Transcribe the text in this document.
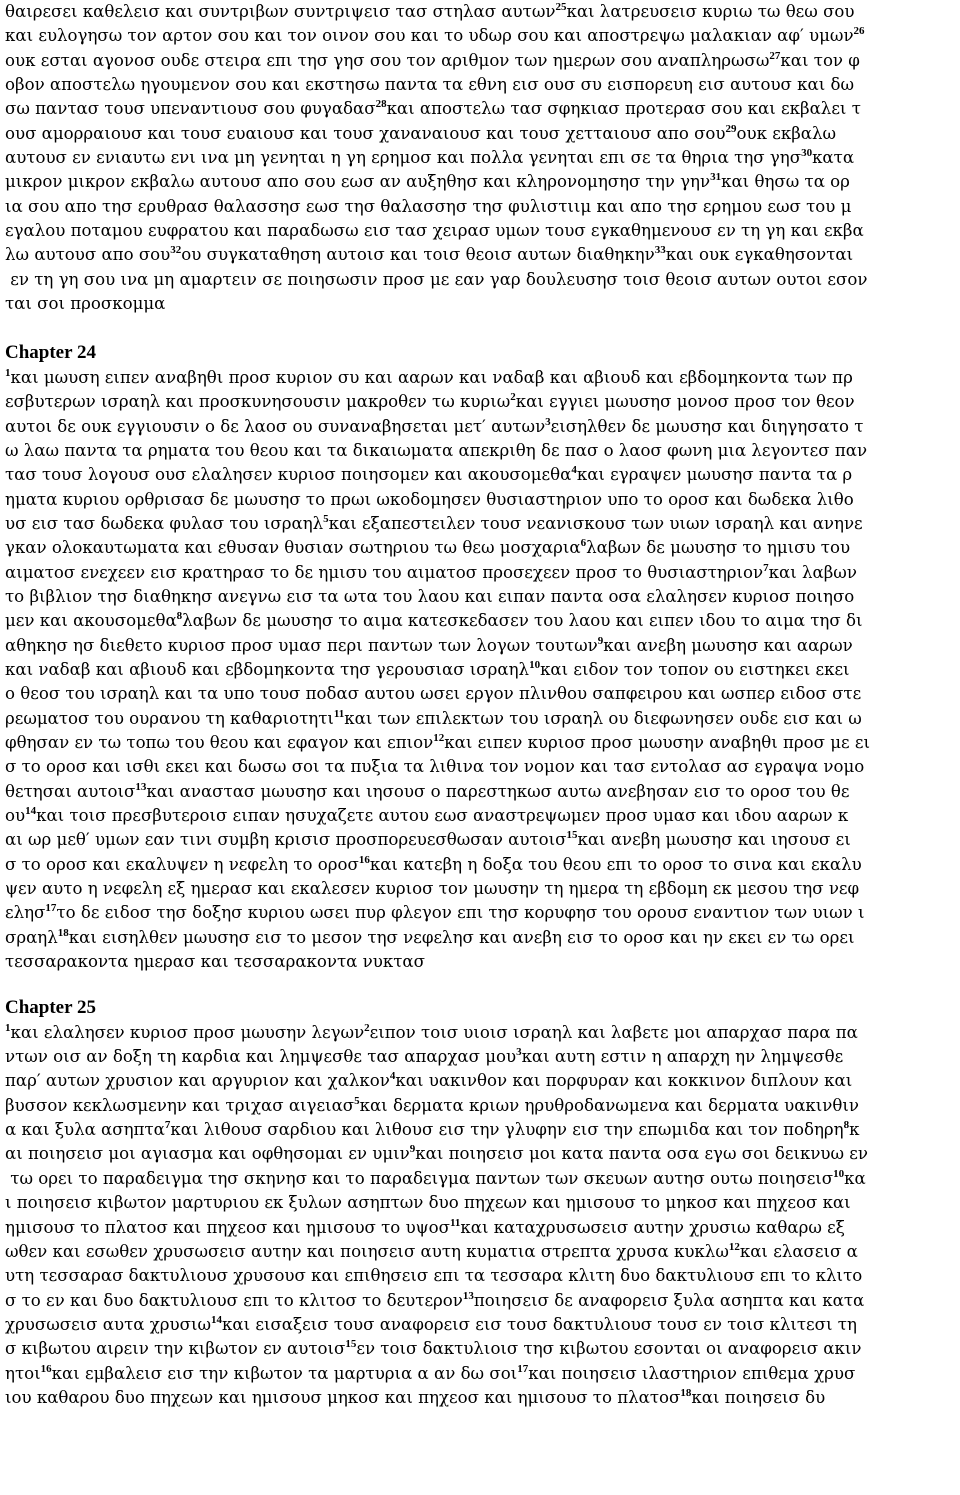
θαιρεσει καθελεισ και συντριβων συντριψεισ τασ στηλασ αυτων$^{25}$και λατρευσεισ κυριω τω θεω σου
και ευλογησω τον αρτον σου και τον οινον σου και το υδωρ σου και αποστρεψω μαλακιαν αφ′ υμων$^{26}$
ουκ εσται αγονοσ ουδε στειρα επι τησ γησ σου τον αριθμον των ημερων σου αναπληρωσω$^{27}$και τον φ
οβον αποστελω ηγουμενον σου και εκστησω παντα τα εθνη εισ ουσ συ εισπορευη εισ αυτουσ και δω
σω παντασ τουσ υπεναντιουσ σου φυγαδασ$^{28}$και αποστελω τασ σφηκιασ προτερασ σου και εκβαλει τ
ουσ αμορραιουσ και τουσ ευαιουσ και τουσ χαναναιουσ και τουσ χετταιουσ απο σου$^{29}$ουκ εκβαλω
αυτουσ εν ενιαυτω ενι ινα μη γενηται η γη ερημοσ και πολλα γενηται επι σε τα θηρια τησ γησ$^{30}$κατα
μικρον μικρον εκβαλω αυτουσ απο σου εωσ αν αυξηθησ και κληρονομησησ την γην$^{31}$και θησω τα ορ
ια σου απο τησ ερυθρασ θαλασσησ εωσ τησ θαλασσησ τησ φυλιστιιμ και απο τησ ερημου εωσ του μ
εγαλου ποταμου ευφρατου και παραδωσω εισ τασ χειρασ υμων τουσ εγκαθημενουσ εν τη γη και εκβα
λω αυτουσ απο σου$^{32}$ου συγκαταθηση αυτοισ και τοισ θεοισ αυτων διαθηκην$^{33}$και ουκ εγκαθησονται
εν τη γη σου ινα μη αμαρτειν σε ποιησωσιν προσ με εαν γαρ δουλευσησ τοισ θεοισ αυτων ουτοι εσον
ται σοι προσκομμα
Chapter 24
$^1$και μωυση ειπεν αναβηθι προσ κυριον συ και ααρων και ναδαβ και αβιουδ και εβδομηκοντα των πρ
εσβυτερων ισραηλ και προσκυνησουσιν μακροθεν τω κυριω$^2$και εγγιει μωυσησ μονοσ προσ τον θεον
αυτοι δε ουκ εγγιουσιν ο δε λαοσ ου συναναβησεται μετ′ αυτων$^3$εισηλθεν δε μωυσησ και διηγησατο τ
ω λαω παντα τα ρηματα του θεου και τα δικαιωματα απεκριθη δε πασ ο λαοσ φωνη μια λεγοντεσ παν
τασ τουσ λογουσ ουσ ελαλησεν κυριοσ ποιησομεν και ακουσομεθα$^4$και εγραψεν μωυσησ παντα τα ρ
ηματα κυριου ορθρισασ δε μωυσησ το πρωι ωκοδομησεν θυσιαστηριον υπο το οροσ και δωδεκα λιθο
υσ εισ τασ δωδεκα φυλασ του ισραηλ$^5$και εξαπεστειλεν τουσ νεανισκουσ των υιων ισραηλ και ανηνε
γκαν ολοκαυτωματα και εθυσαν θυσιαν σωτηριου τω θεω μοσχαρια$^6$λαβων δε μωυσησ το ημισυ του
αιματοσ ενεχεεν εισ κρατηρασ το δε ημισυ του αιματοσ προσεχεεν προσ το θυσιαστηριον$^7$και λαβων
το βιβλιον τησ διαθηκησ ανεγνω εισ τα ωτα του λαου και ειπαν παντα οσα ελαλησεν κυριοσ ποιησο
μεν και ακουσομεθα$^8$λαβων δε μωυσησ το αιμα κατεσκεδασεν του λαου και ειπεν ιδου το αιμα τησ δι
αθηκησ ησ διεθετο κυριοσ προσ υμασ περι παντων των λογων τουτων$^9$και ανεβη μωυσησ και ααρων
και ναδαβ και αβιουδ και εβδομηκοντα τησ γερουσιασ ισραηλ$^{10}$και ειδον τον τοπον ου ειστηκει εκει
ο θεοσ του ισραηλ και τα υπο τουσ ποδασ αυτου ωσει εργον πλινθου σαπφειρου και ωσπερ ειδοσ στε
ρεωματοσ του ουρανου τη καθαριοτητι$^{11}$και των επιλεκτων του ισραηλ ου διεφωνησεν ουδε εισ και ω
φθησαν εν τω τοπω του θεου και εφαγον και επιον$^{12}$και ειπεν κυριοσ προσ μωυσην αναβηθι προσ με ει
σ το οροσ και ισθι εκει και δωσω σοι τα πυξια τα λιθινα τον νομον και τασ εντολασ ασ εγραψα νομο
θετησαι αυτοισ$^{13}$και αναστασ μωυσησ και ιησουσ ο παρεστηκωσ αυτω ανεβησαν εισ το οροσ του θε
$o\upsilon^{14}\kappa\alpha\iota$ τοισ πρεσβυτεροισ ειπαν ησυχαζετε αυτου εωσ αναστρεψωμεν προσ υμασ και ιδου ααρων κ
αι ωρ μεθ′ υμων εαν τινι συμβη κρισισ προσπορευεσθωσαν αυτοισ$^{15}$και ανεβη μωυσησ και ιησουσ ει
σ το οροσ και εκαλυψεν η νεφελη το οροσ$^{16}$και κατεβη η δοξα του θεου επι το οροσ το σινα και εκαλυ
ψεν αυτο η νεφελη εξ ημερασ και εκαλεσεν κυριοσ τον μωυσην τη ημερα τη εβδομη εκ μεσου τησ νεφ
ελησ$^{17}$το δε ειδοσ τησ δοξησ κυριου ωσει πυρ φλεγον επι τησ κορυφησ του ορουσ εναντιον των υιων ι
σραηλ$^{18}$και εισηλθεν μωυσησ εισ το μεσον τησ νεφελησ και ανεβη εισ το οροσ και ην εκει εν τω ορει
τεσσαρακοντα ημερασ και τεσσαρακοντα νυκτασ
Chapter 25
$^1$και ελαλησεν κυριοσ προσ μωυσην λεγων$^2$ειπον τοισ υιοισ ισραηλ και λαβετε μοι απαρχασ παρα πα
ντων οισ αν δοξη τη καρδια και λημψεσθε τασ απαρχασ μου$^3$και αυτη εστιν η απαρχη ην λημψεσθε
παρ′ αυτων χρυσιον και αργυριον και χαλκον$^4$και υακινθον και πορφυραν και κοκκινον διπλουν και
βυσσον κεκλωσμενην και τριχασ αιγειασ$^5$και δερματα κριων ηρυθροδανωμενα και δερματα υακινθιν
α και ξυλα ασηπτα$^7$και λιθουσ σαρδιου και λιθουσ εισ την γλυφην εισ την επωμιδα και τον ποδηρη$^8$κ
αι ποιησεισ μοι αγιασμα και οφθησομαι εν υμιν$^9$και ποιησεισ μοι κατα παντα οσα εγω σοι δεικνυω εν
τω ορει το παραδειγμα τησ σκηνησ και το παραδειγμα παντων των σκευων αυτησ ουτω ποιησεισ$^{10}$κα
ι ποιησεισ κιβωτον μαρτυριου εκ ξυλων ασηπτων δυο πηχεων και ημισουσ το μηκοσ και πηχεοσ και
ημισουσ το πλατοσ και πηχεοσ και ημισουσ το υψοσ$^{11}$και καταχρυσωσεισ αυτην χρυσιω καθαρω εξ
ωθεν και εσωθεν χρυσωσεισ αυτην και ποιησεισ αυτη κυματια στρεπτα χρυσα κυκλω$^{12}$και ελασεισ α
υτη τεσσαρασ δακτυλιουσ χρυσουσ και επιθησεισ επι τα τεσσαρα κλιτη δυο δακτυλιουσ επι το κλιτο
σ το εν και δυο δακτυλιουσ επι το κλιτοσ το δευτερον$^{13}$ποιησεισ δε αναφορεισ ξυλα ασηπτα και κατα
χρυσωσεισ αυτα χρυσιω$^{14}$και εισαξεισ τουσ αναφορεισ εισ τουσ δακτυλιουσ τουσ εν τοισ κλιτεσι τη
σ κιβωτου αιρειν την κιβωτον εν αυτοισ$^{15}$εν τοισ δακτυλιοισ τησ κιβωτου εσονται οι αναφορεισ ακιν
ητοι$^{16}$και εμβαλεισ εισ την κιβωτον τα μαρτυρια α αν δω σοι$^{17}$και ποιησεισ ιλαστηριον επιθεμα χρυσ
ιου καθαρου δυο πηχεων και ημισουσ μηκοσ και πηχεοσ και ημισουσ το πλατοσ$^{18}$και ποιησεισ δυ
